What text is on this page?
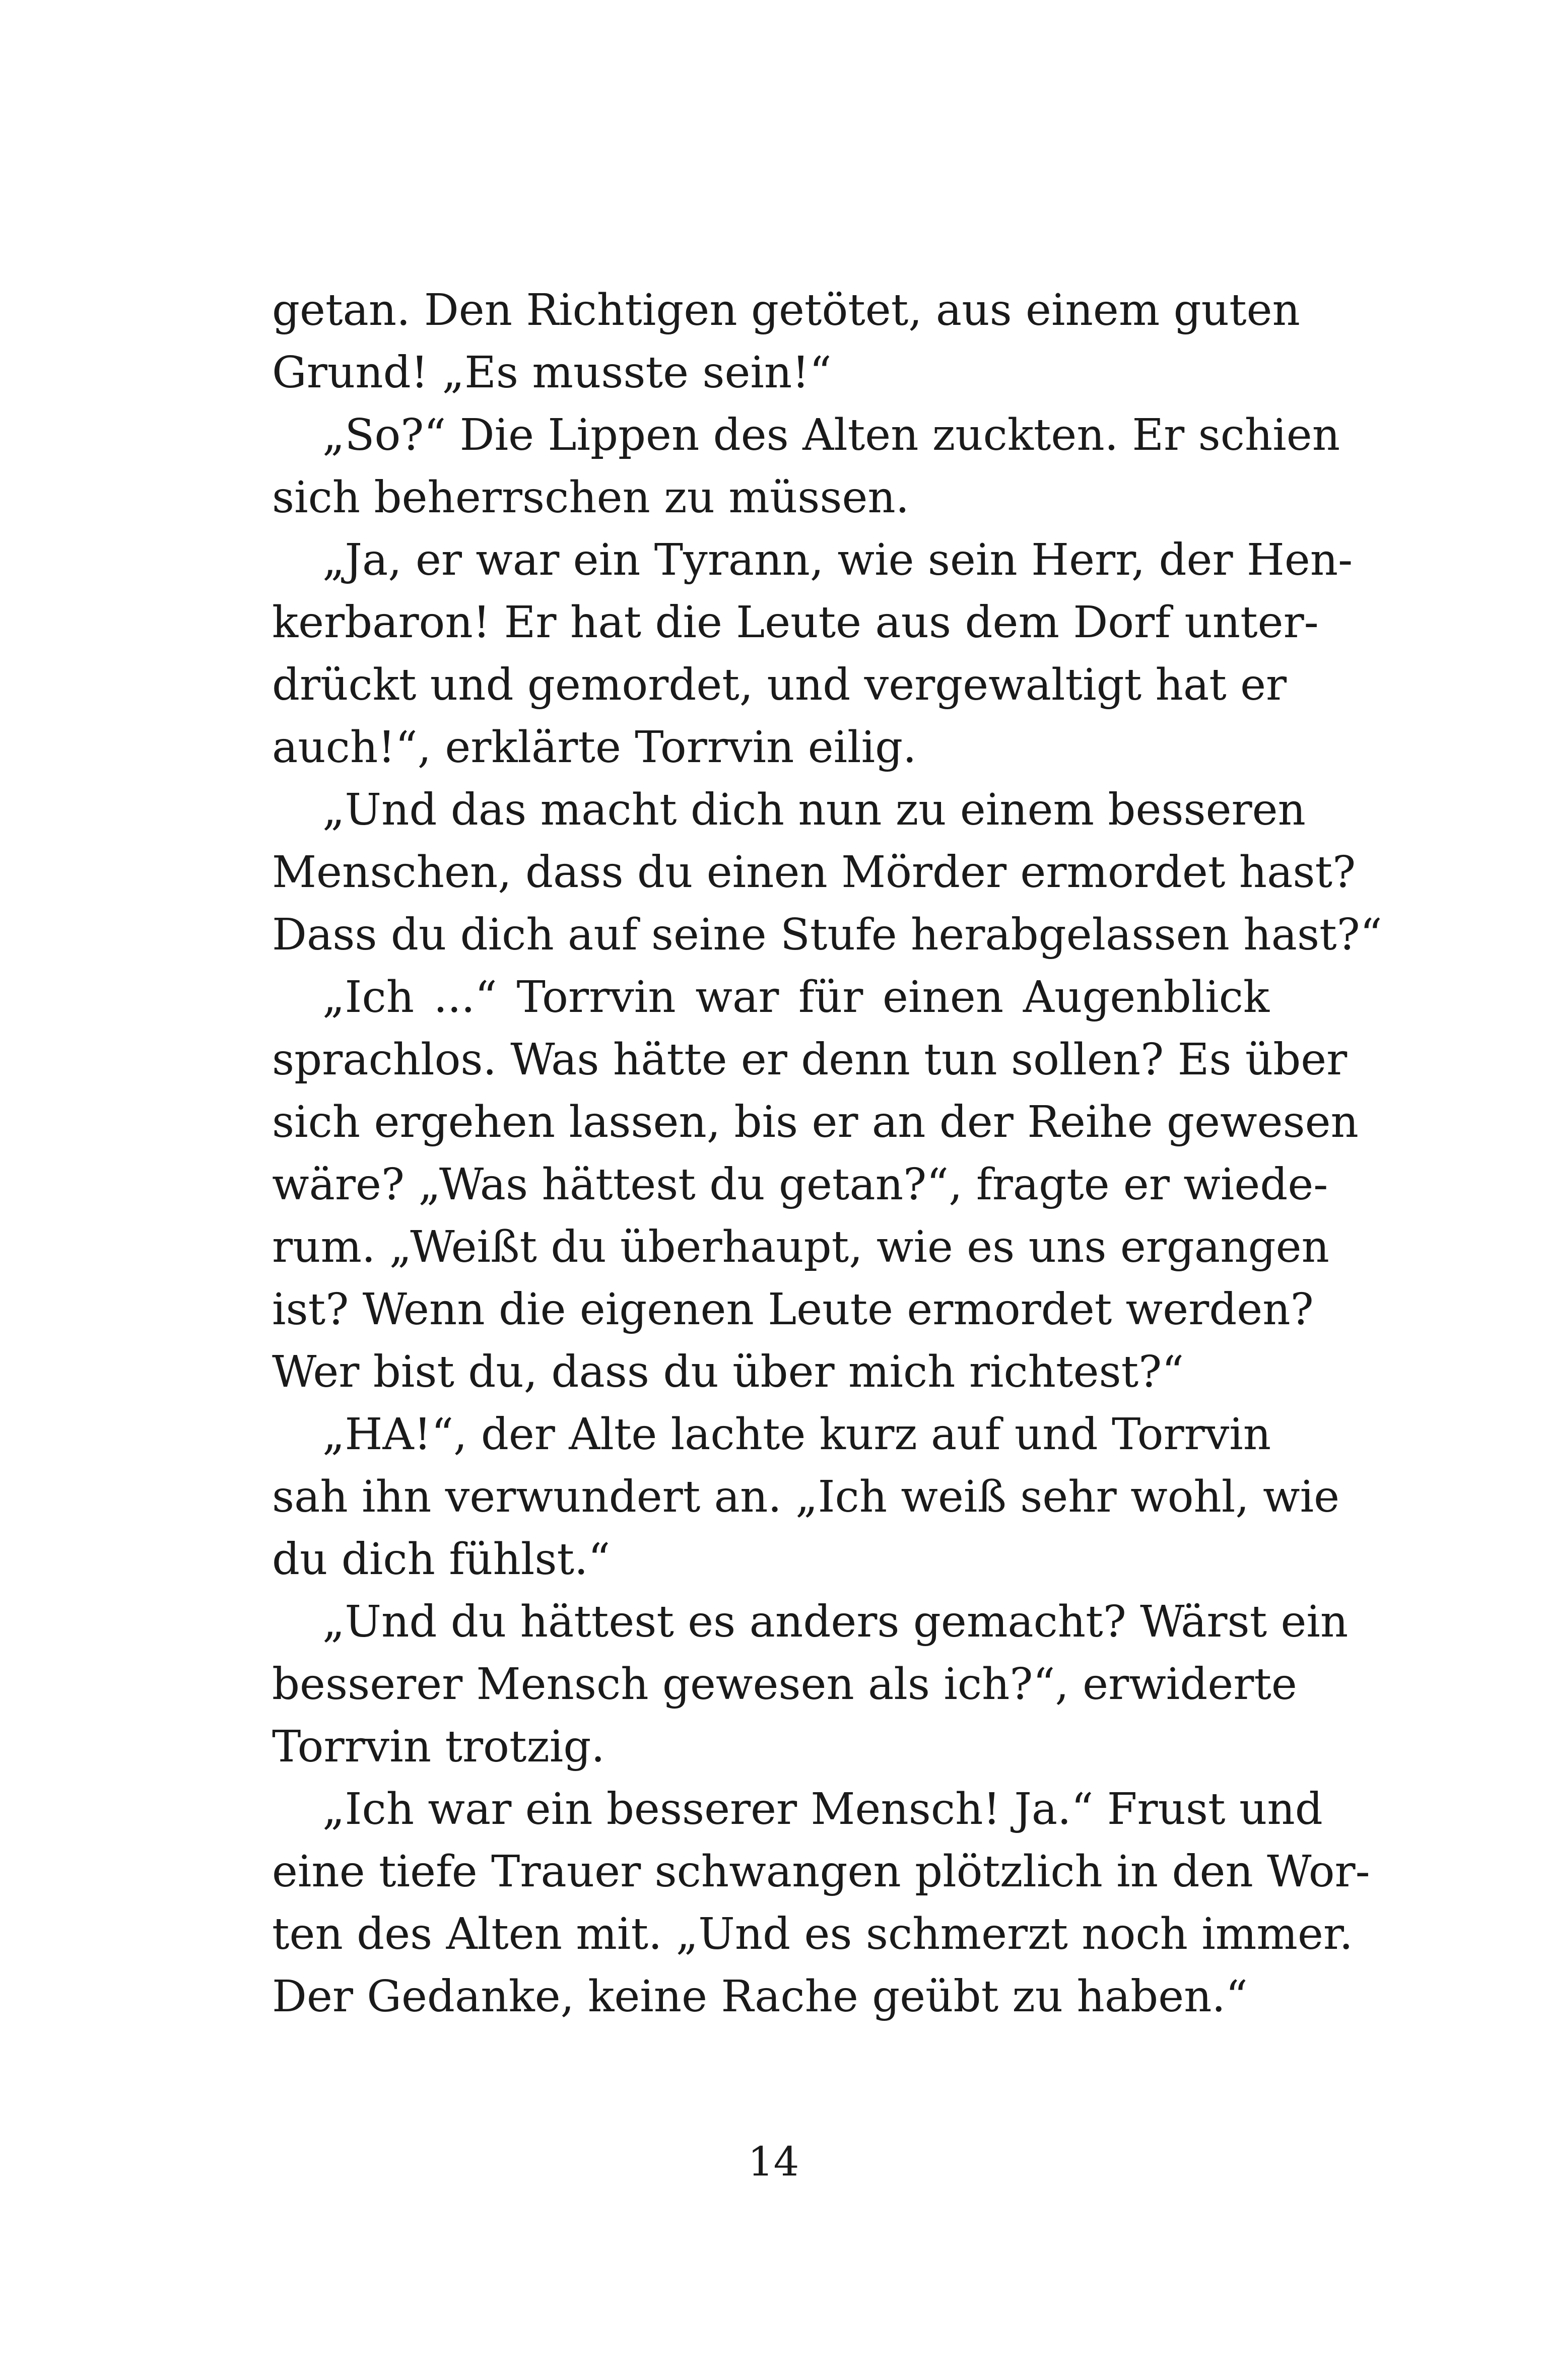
getan. Den Richtigen getötet, aus einem guten
Grund! „Es musste sein!“
„So?“ Die Lippen des Alten zuckten. Er schien
sich beherrschen zu müssen.
„Ja, er war ein Tyrann, wie sein Herr, der Hen-
kerbaron! Er hat die Leute aus dem Dorf unter-
drückt und gemordet, und vergewaltigt hat er
auch!“, erklärte Torrvin eilig.
„Und das macht dich nun zu einem besseren
Menschen, dass du einen Mörder ermordet hast?
Dass du dich auf seine Stufe herabgelassen hast?“
„Ich ...“ Torrvin war für einen Augenblick
sprachlos. Was hätte er denn tun sollen? Es über
sich ergehen lassen, bis er an der Reihe gewesen
wäre? „Was hättest du getan?“, fragte er wiede-
rum. „Weißt du überhaupt, wie es uns ergangen
ist? Wenn die eigenen Leute ermordet werden?
Wer bist du, dass du über mich richtest?“
„HA!“, der Alte lachte kurz auf und Torrvin
sah ihn verwundert an. „Ich weiß sehr wohl, wie
du dich fühlst.“
„Und du hättest es anders gemacht? Wärst ein
besserer Mensch gewesen als ich?“, erwiderte
Torrvin trotzig.
„Ich war ein besserer Mensch! Ja.“ Frust und
eine tiefe Trauer schwangen plötzlich in den Wor-
ten des Alten mit. „Und es schmerzt noch immer.
Der Gedanke, keine Rache geübt zu haben.“
14
